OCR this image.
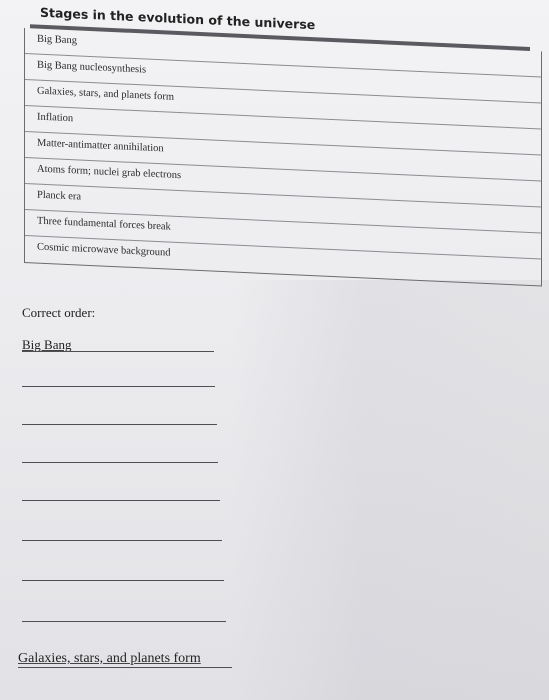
Stages in the evolution of the universe
Big Bang
Big Bang nucleosynthesis
Galaxies, stars, and planets form
Inflation
Matter-antimatter annihilation
Atoms form; nuclei grab electrons
Planck era
Three fundamental forces break
Cosmic microwave background
Correct order:
Big Bang
Galaxies, stars, and planets form
